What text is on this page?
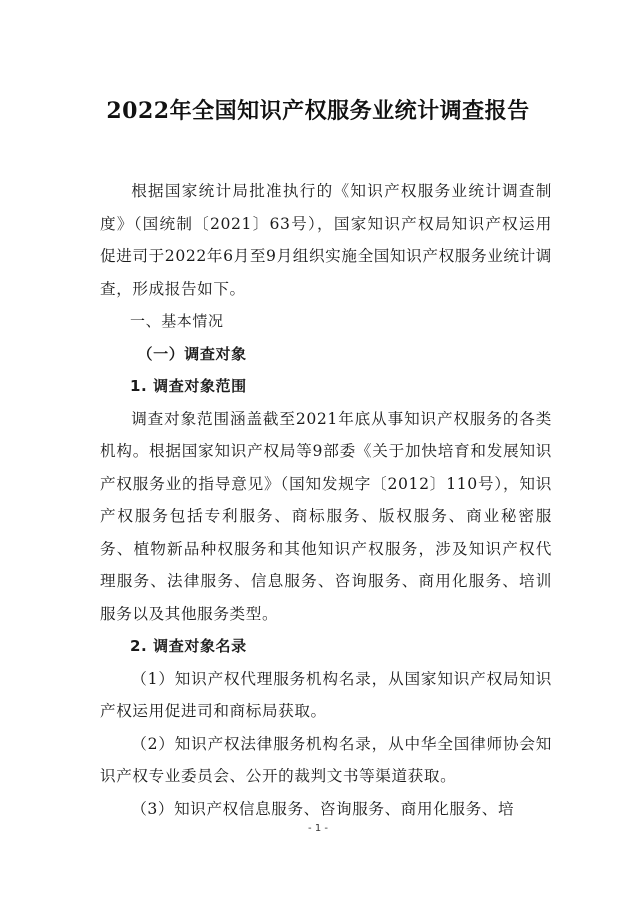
2022年全国知识产权服务业统计调查报告

根据国家统计局批准执行的《知识产权服务业统计调查制度》（国统制〔2021〕63号），国家知识产权局知识产权运用促进司于2022年6月至9月组织实施全国知识产权服务业统计调查，形成报告如下。

一、基本情况

（一）调查对象

1. 调查对象范围

调查对象范围涵盖截至2021年底从事知识产权服务的各类机构。根据国家知识产权局等9部委《关于加快培育和发展知识产权服务业的指导意见》（国知发规字〔2012〕110号），知识产权服务包括专利服务、商标服务、版权服务、商业秘密服务、植物新品种权服务和其他知识产权服务，涉及知识产权代理服务、法律服务、信息服务、咨询服务、商用化服务、培训服务以及其他服务类型。

2. 调查对象名录

（1）知识产权代理服务机构名录，从国家知识产权局知识产权运用促进司和商标局获取。

（2）知识产权法律服务机构名录，从中华全国律师协会知识产权专业委员会、公开的裁判文书等渠道获取。

（3）知识产权信息服务、咨询服务、商用化服务、培

- 1 -
